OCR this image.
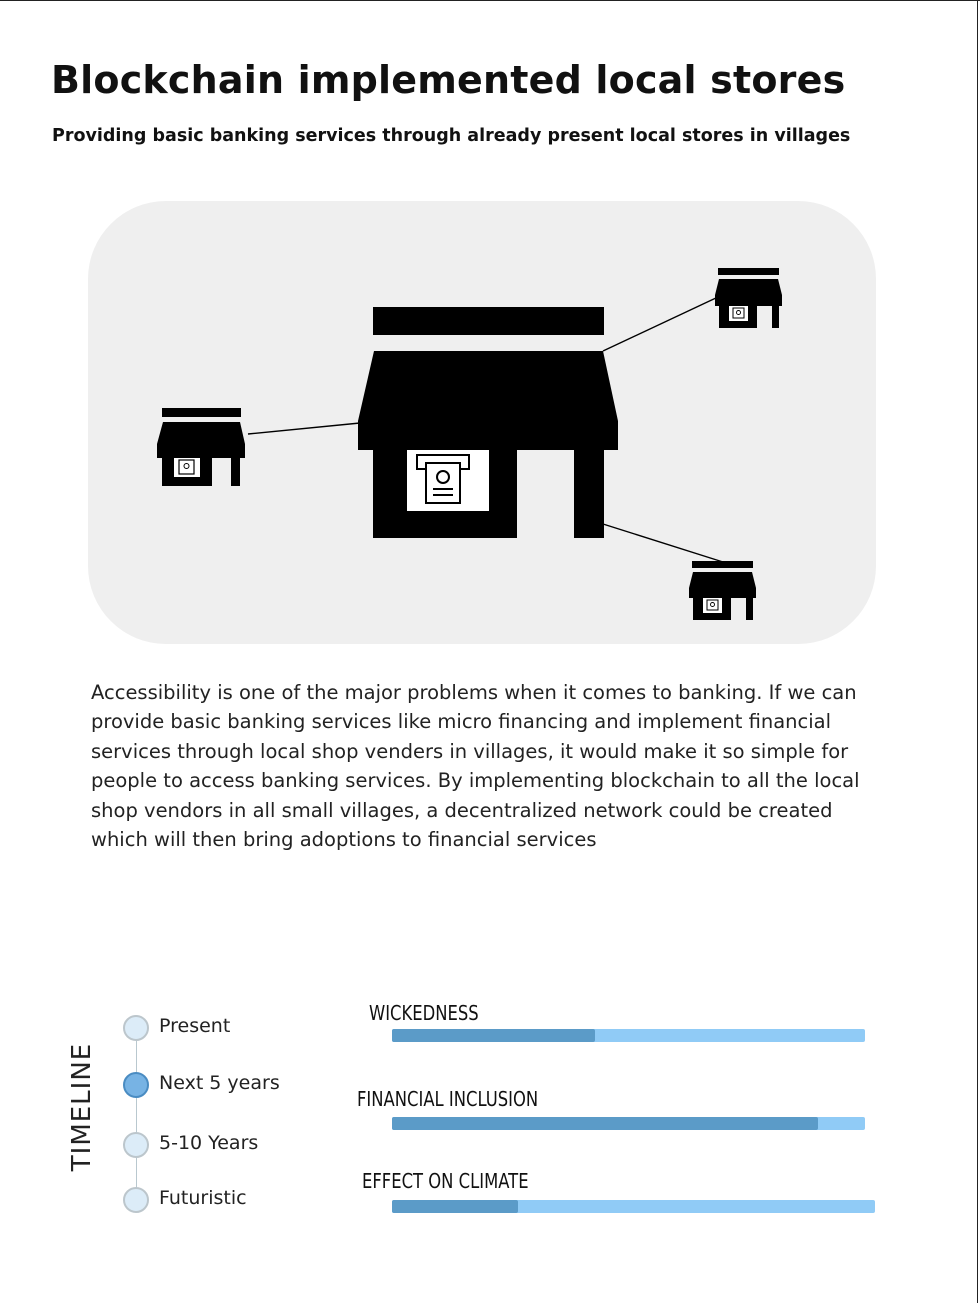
Blockchain implemented local stores
Providing basic banking services through already present local stores in villages

Accessibility is one of the major problems when it comes to banking. If we can provide basic banking services like micro financing and implement financial services through local shop venders in villages, it would make it so simple for people to access banking services. By implementing blockchain to all the local shop vendors in all small villages, a decentralized network could be created which will then bring adoptions to financial services

TIMELINE
Present
Next 5 years
5-10 Years
Futuristic
WICKEDNESS
FINANCIAL INCLUSION
EFFECT ON CLIMATE
